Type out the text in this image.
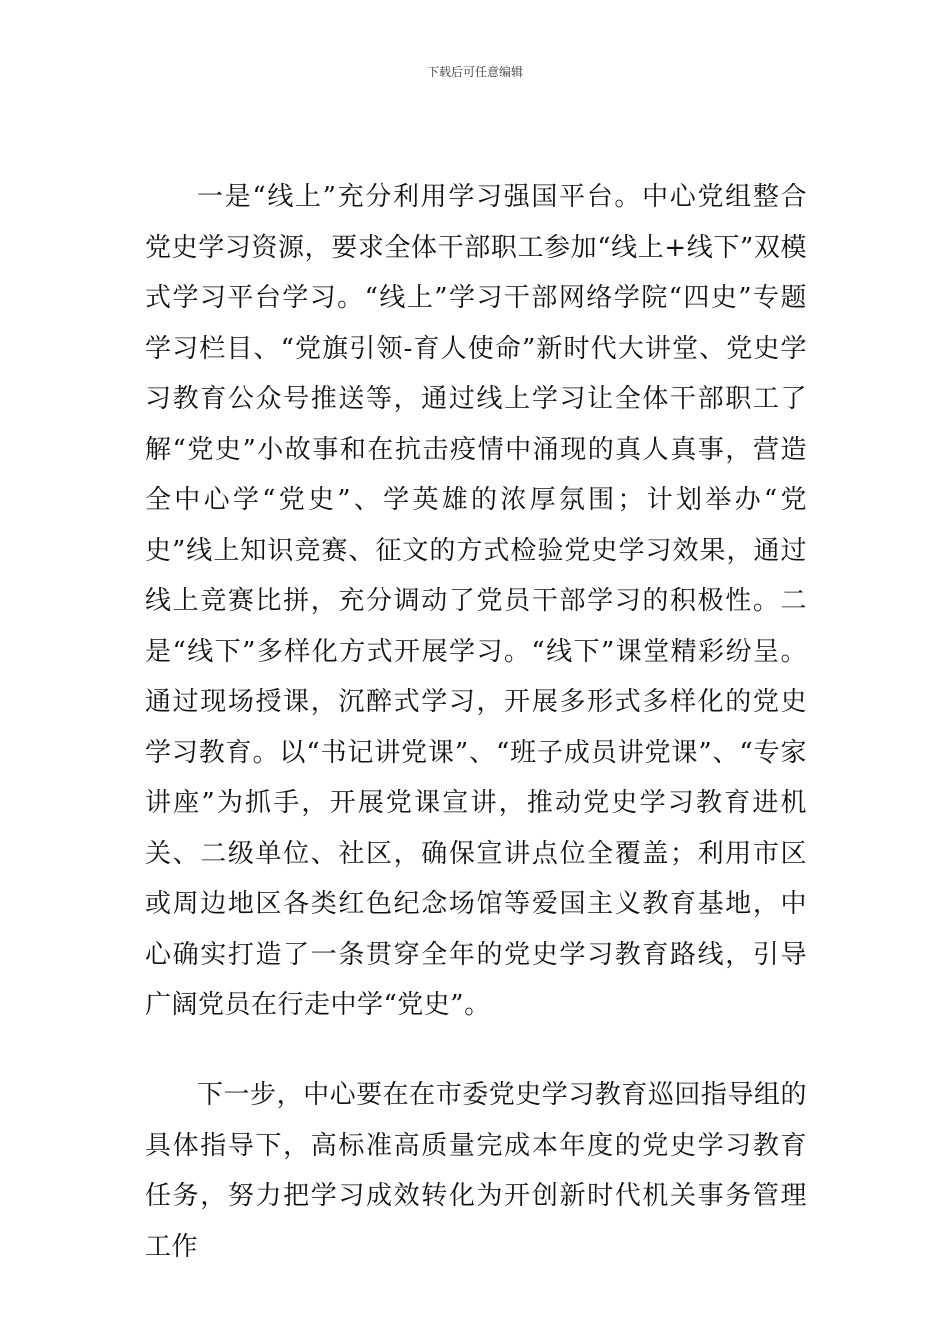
下载后可任意编辑

一是“线上”充分利用学习强国平台。中心党组整合党史学习资源，要求全体干部职工参加“线上+线下”双模式学习平台学习。“线上”学习干部网络学院“四史”专题学习栏目、“党旗引领-育人使命”新时代大讲堂、党史学习教育公众号推送等，通过线上学习让全体干部职工了解“党史”小故事和在抗击疫情中涌现的真人真事，营造全中心学“党史”、学英雄的浓厚氛围；计划举办“党史”线上知识竞赛、征文的方式检验党史学习效果，通过线上竞赛比拼，充分调动了党员干部学习的积极性。二是“线下”多样化方式开展学习。“线下”课堂精彩纷呈。通过现场授课，沉醉式学习，开展多形式多样化的党史学习教育。以“书记讲党课”、“班子成员讲党课”、“专家讲座”为抓手，开展党课宣讲，推动党史学习教育进机关、二级单位、社区，确保宣讲点位全覆盖；利用市区或周边地区各类红色纪念场馆等爱国主义教育基地，中心确实打造了一条贯穿全年的党史学习教育路线，引导广阔党员在行走中学“党史”。

下一步，中心要在在市委党史学习教育巡回指导组的具体指导下，高标准高质量完成本年度的党史学习教育任务，努力把学习成效转化为开创新时代机关事务管理工作
